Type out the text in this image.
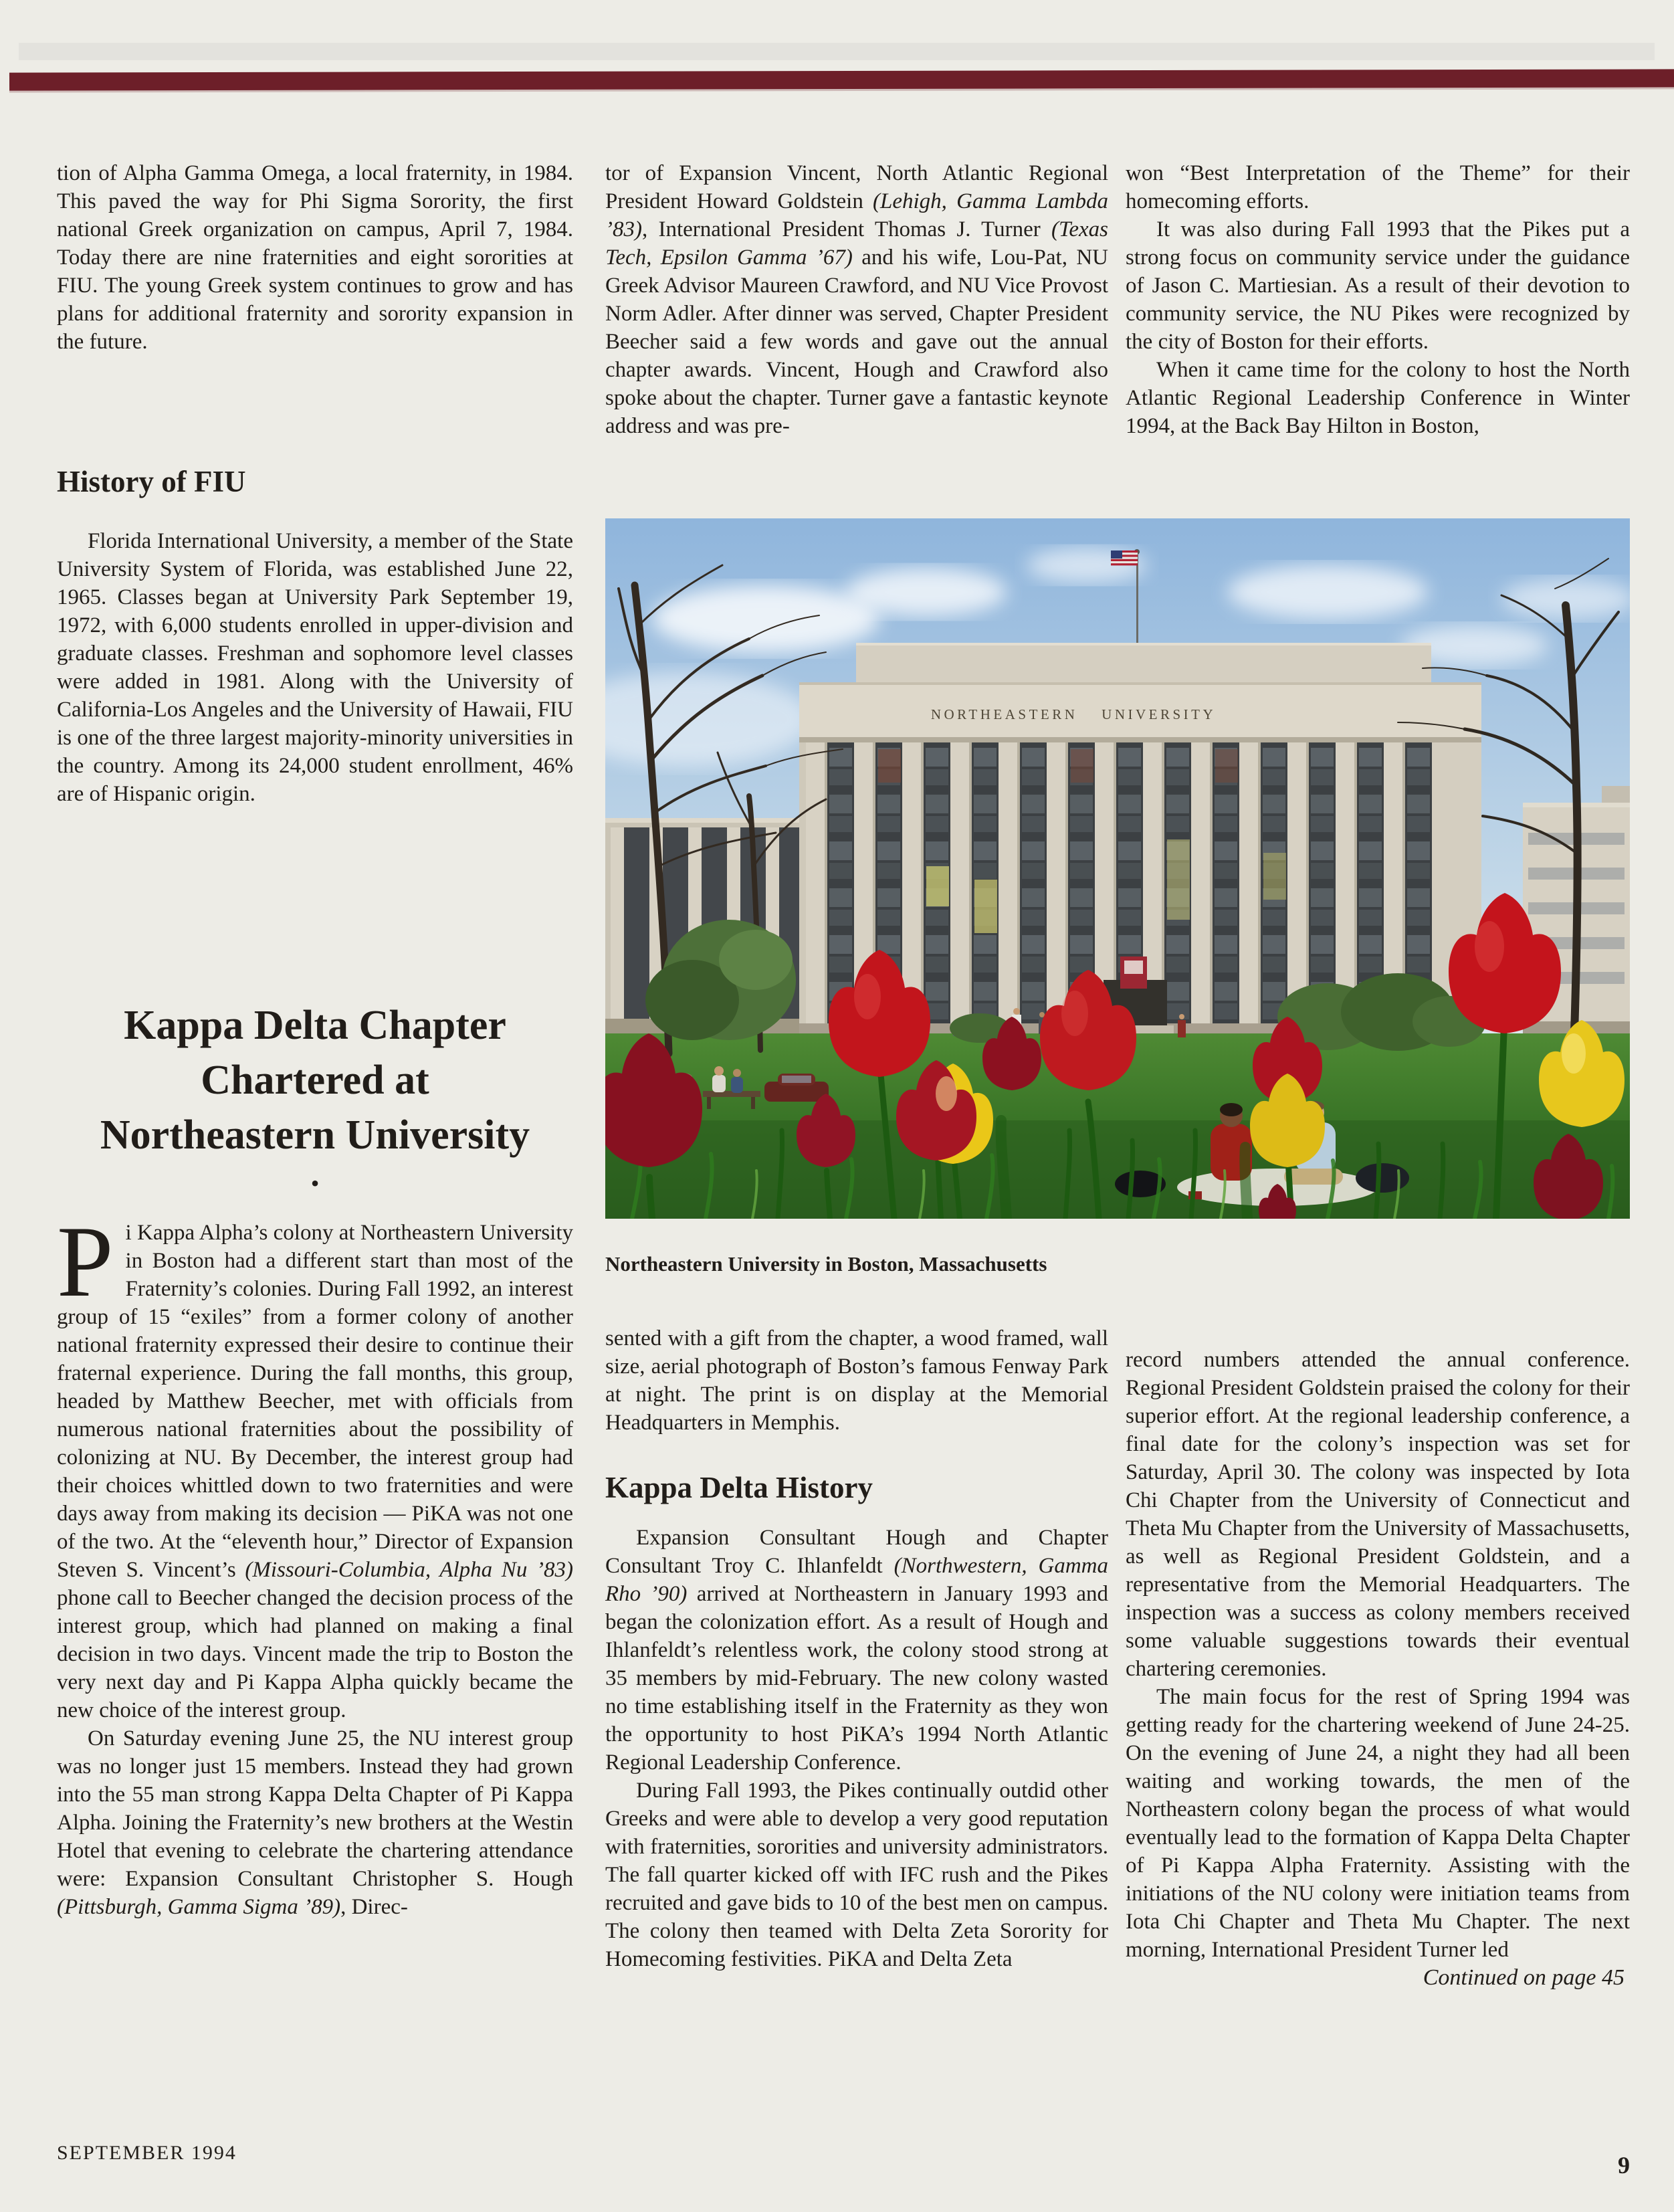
tion of Alpha Gamma Omega, a local fraternity, in 1984. This paved the way for Phi Sigma Sorority, the first national Greek organization on campus, April 7, 1984. Today there are nine fraternities and eight sororities at FIU. The young Greek system continues to grow and has plans for additional fraternity and sorority expansion in the future.

History of FIU

Florida International University, a member of the State University System of Florida, was established June 22, 1965. Classes began at University Park September 19, 1972, with 6,000 students enrolled in upper-division and graduate classes. Freshman and sophomore level classes were added in 1981. Along with the University of California-Los Angeles and the University of Hawaii, FIU is one of the three largest majority-minority universities in the country. Among its 24,000 student enrollment, 46% are of Hispanic origin.

Kappa Delta Chapter
Chartered at
Northeastern University
•

Pi Kappa Alpha’s colony at Northeastern University in Boston had a different start than most of the Fraternity’s colonies. During Fall 1992, an interest group of 15 “exiles” from a former colony of another national fraternity expressed their desire to continue their fraternal experience. During the fall months, this group, headed by Matthew Beecher, met with officials from numerous national fraternities about the possibility of colonizing at NU. By December, the interest group had their choices whittled down to two fraternities and were days away from making its decision — PiKA was not one of the two. At the “eleventh hour,” Director of Expansion Steven S. Vincent’s (Missouri-Columbia, Alpha Nu ’83) phone call to Beecher changed the decision process of the interest group, which had planned on making a final decision in two days. Vincent made the trip to Boston the very next day and Pi Kappa Alpha quickly became the new choice of the interest group.

On Saturday evening June 25, the NU interest group was no longer just 15 members. Instead they had grown into the 55 man strong Kappa Delta Chapter of Pi Kappa Alpha. Joining the Fraternity’s new brothers at the Westin Hotel that evening to celebrate the chartering attendance were: Expansion Consultant Christopher S. Hough (Pittsburgh, Gamma Sigma ’89), Direc-

tor of Expansion Vincent, North Atlantic Regional President Howard Goldstein (Lehigh, Gamma Lambda ’83), International President Thomas J. Turner (Texas Tech, Epsilon Gamma ’67) and his wife, Lou-Pat, NU Greek Advisor Maureen Crawford, and NU Vice Provost Norm Adler. After dinner was served, Chapter President Beecher said a few words and gave out the annual chapter awards. Vincent, Hough and Crawford also spoke about the chapter. Turner gave a fantastic keynote address and was pre-

won “Best Interpretation of the Theme” for their homecoming efforts.

It was also during Fall 1993 that the Pikes put a strong focus on community service under the guidance of Jason C. Martiesian. As a result of their devotion to community service, the NU Pikes were recognized by the city of Boston for their efforts.

When it came time for the colony to host the North Atlantic Regional Leadership Conference in Winter 1994, at the Back Bay Hilton in Boston,

NORTHEASTERN UNIVERSITY
Northeastern University in Boston, Massachusetts

sented with a gift from the chapter, a wood framed, wall size, aerial photograph of Boston’s famous Fenway Park at night. The print is on display at the Memorial Headquarters in Memphis.

Kappa Delta History

Expansion Consultant Hough and Chapter Consultant Troy C. Ihlanfeldt (Northwestern, Gamma Rho ’90) arrived at Northeastern in January 1993 and began the colonization effort. As a result of Hough and Ihlanfeldt’s relentless work, the colony stood strong at 35 members by mid-February. The new colony wasted no time establishing itself in the Fraternity as they won the opportunity to host PiKA’s 1994 North Atlantic Regional Leadership Conference.

During Fall 1993, the Pikes continually outdid other Greeks and were able to develop a very good reputation with fraternities, sororities and university administrators. The fall quarter kicked off with IFC rush and the Pikes recruited and gave bids to 10 of the best men on campus. The colony then teamed with Delta Zeta Sorority for Homecoming festivities. PiKA and Delta Zeta

record numbers attended the annual conference. Regional President Goldstein praised the colony for their superior effort. At the regional leadership conference, a final date for the colony’s inspection was set for Saturday, April 30. The colony was inspected by Iota Chi Chapter from the University of Connecticut and Theta Mu Chapter from the University of Massachusetts, as well as Regional President Goldstein, and a representative from the Memorial Headquarters. The inspection was a success as colony members received some valuable suggestions towards their eventual chartering ceremonies.

The main focus for the rest of Spring 1994 was getting ready for the chartering weekend of June 24-25. On the evening of June 24, a night they had all been waiting and working towards, the men of the Northeastern colony began the process of what would eventually lead to the formation of Kappa Delta Chapter of Pi Kappa Alpha Fraternity. Assisting with the initiations of the NU colony were initiation teams from Iota Chi Chapter and Theta Mu Chapter. The next morning, International President Turner led

Continued on page 45

SEPTEMBER 1994	9
